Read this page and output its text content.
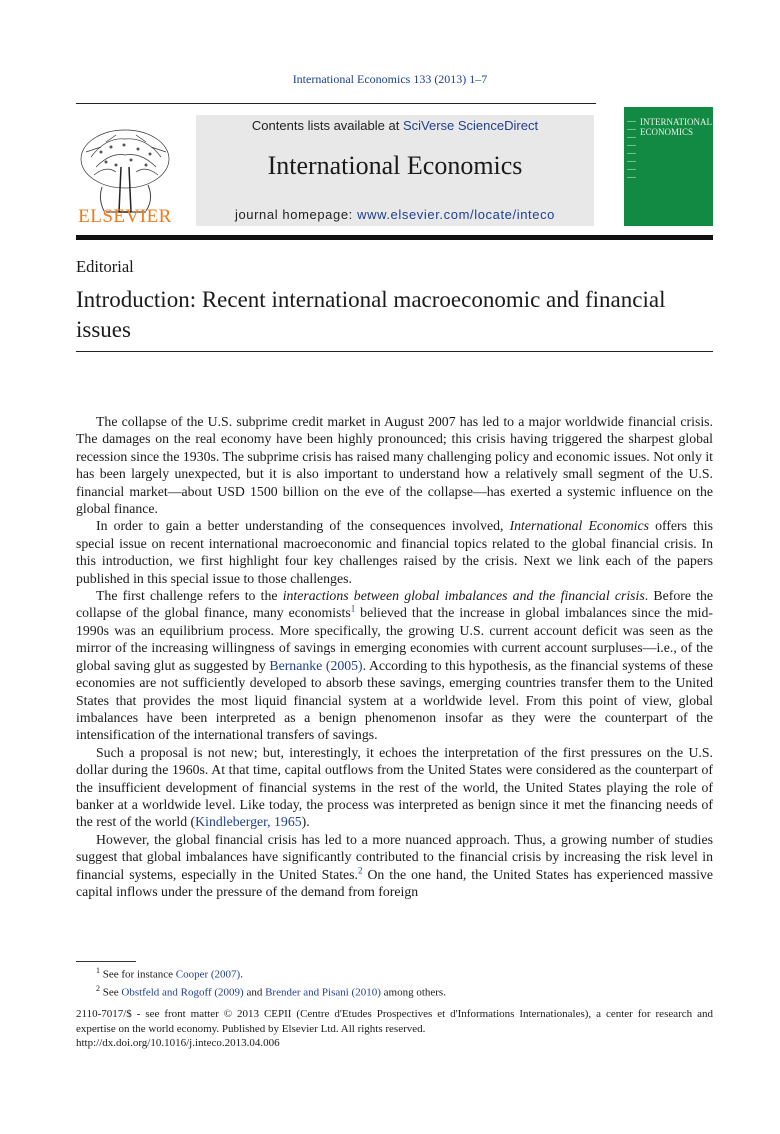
International Economics 133 (2013) 1–7
ELSEVIER
Contents lists available at SciVerse ScienceDirect
International Economics
journal homepage: www.elsevier.com/locate/inteco
INTERNATIONAL ECONOMICS
Editorial
Introduction: Recent international macroeconomic and financial issues

The collapse of the U.S. subprime credit market in August 2007 has led to a major worldwide financial crisis. The damages on the real economy have been highly pronounced; this crisis having triggered the sharpest global recession since the 1930s. The subprime crisis has raised many challenging policy and economic issues. Not only it has been largely unexpected, but it is also important to understand how a relatively small segment of the U.S. financial market—about USD 1500 billion on the eve of the collapse—has exerted a systemic influence on the global finance.

In order to gain a better understanding of the consequences involved, International Economics offers this special issue on recent international macroeconomic and financial topics related to the global financial crisis. In this introduction, we first highlight four key challenges raised by the crisis. Next we link each of the papers published in this special issue to those challenges.

The first challenge refers to the interactions between global imbalances and the financial crisis. Before the collapse of the global finance, many economists$^1$ believed that the increase in global imbalances since the mid-1990s was an equilibrium process. More specifically, the growing U.S. current account deficit was seen as the mirror of the increasing willingness of savings in emerging economies with current account surpluses—i.e., of the global saving glut as suggested by Bernanke (2005). According to this hypothesis, as the financial systems of these economies are not sufficiently developed to absorb these savings, emerging countries transfer them to the United States that provides the most liquid financial system at a worldwide level. From this point of view, global imbalances have been interpreted as a benign phenomenon insofar as they were the counterpart of the intensification of the international transfers of savings.

Such a proposal is not new; but, interestingly, it echoes the interpretation of the first pressures on the U.S. dollar during the 1960s. At that time, capital outflows from the United States were considered as the counterpart of the insufficient development of financial systems in the rest of the world, the United States playing the role of banker at a worldwide level. Like today, the process was interpreted as benign since it met the financing needs of the rest of the world (Kindleberger, 1965).

However, the global financial crisis has led to a more nuanced approach. Thus, a growing number of studies suggest that global imbalances have significantly contributed to the financial crisis by increasing the risk level in financial systems, especially in the United States.$^2$ On the one hand, the United States has experienced massive capital inflows under the pressure of the demand from foreign

$^1$ See for instance Cooper (2007).
$^2$ See Obstfeld and Rogoff (2009) and Brender and Pisani (2010) among others.
2110-7017/$ - see front matter © 2013 CEPII (Centre d'Etudes Prospectives et d'Informations Internationales), a center for research and expertise on the world economy. Published by Elsevier Ltd. All rights reserved.
http://dx.doi.org/10.1016/j.inteco.2013.04.006
